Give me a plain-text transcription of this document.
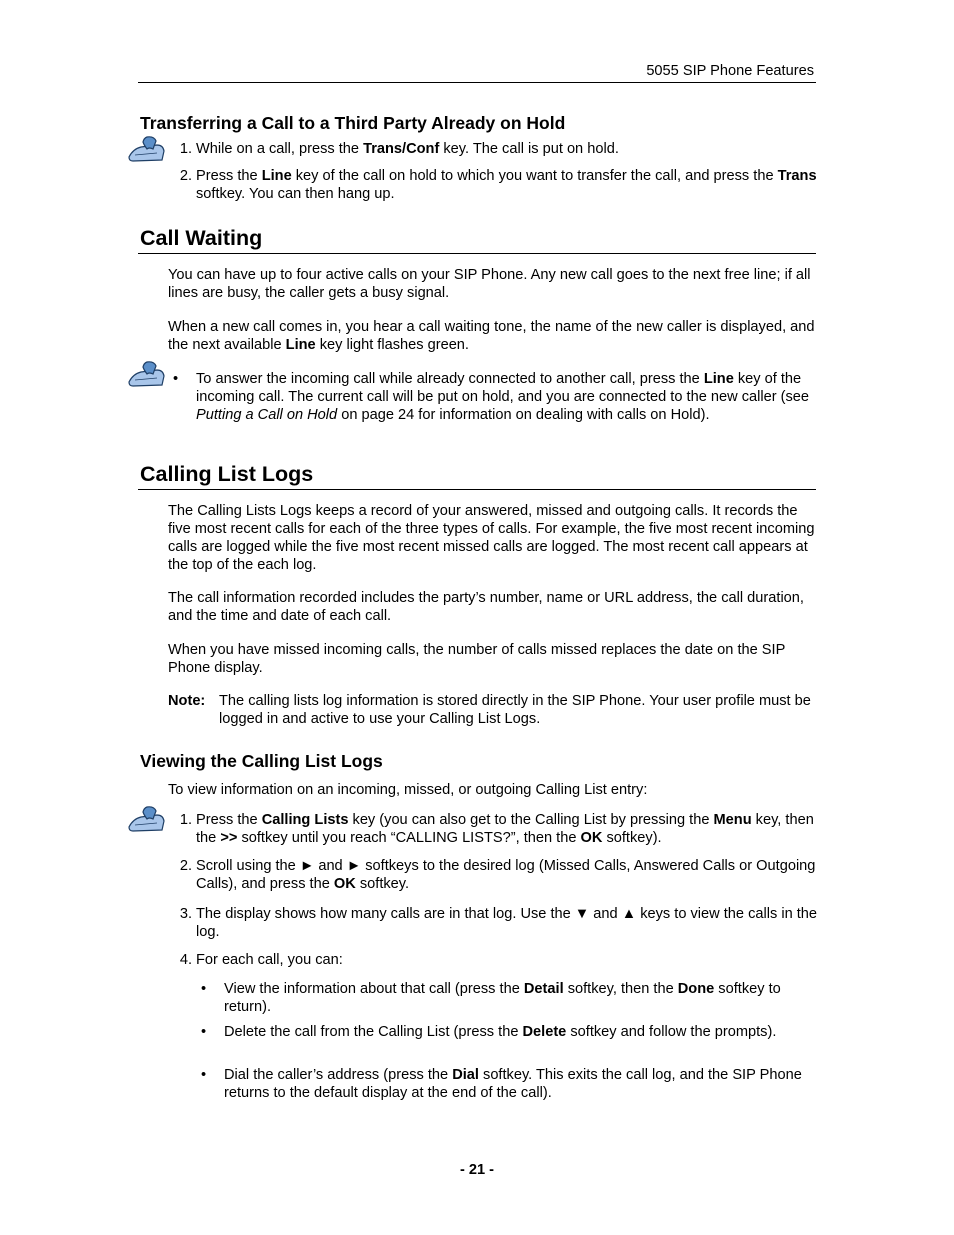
5055 SIP Phone Features
Transferring a Call to a Third Party Already on Hold
1. While on a call, press the Trans/Conf key. The call is put on hold.
2. Press the Line key of the call on hold to which you want to transfer the call, and press the Trans softkey. You can then hang up.
Call Waiting
You can have up to four active calls on your SIP Phone. Any new call goes to the next free line; if all lines are busy, the caller gets a busy signal.
When a new call comes in, you hear a call waiting tone, the name of the new caller is displayed, and the next available Line key light flashes green.
•	To answer the incoming call while already connected to another call, press the Line key of the incoming call. The current call will be put on hold, and you are connected to the new caller (see Putting a Call on Hold on page 24 for information on dealing with calls on Hold).
Calling List Logs
The Calling Lists Logs keeps a record of your answered, missed and outgoing calls. It records the five most recent calls for each of the three types of calls. For example, the five most recent incoming calls are logged while the five most recent missed calls are logged. The most recent call appears at the top of the each log.
The call information recorded includes the party’s number, name or URL address, the call duration, and the time and date of each call.
When you have missed incoming calls, the number of calls missed replaces the date on the SIP Phone display.
Note: The calling lists log information is stored directly in the SIP Phone. Your user profile must be logged in and active to use your Calling List Logs.
Viewing the Calling List Logs
To view information on an incoming, missed, or outgoing Calling List entry:
1. Press the Calling Lists key (you can also get to the Calling List by pressing the Menu key, then the >> softkey until you reach “CALLING LISTS?”, then the OK softkey).
2. Scroll using the ► and ► softkeys to the desired log (Missed Calls, Answered Calls or Outgoing Calls), and press the OK softkey.
3. The display shows how many calls are in that log. Use the ▼ and ▲ keys to view the calls in the log.
4. For each call, you can:
•	View the information about that call (press the Detail softkey, then the Done softkey to return).
•	Delete the call from the Calling List (press the Delete softkey and follow the prompts).
•	Dial the caller’s address (press the Dial softkey. This exits the call log, and the SIP Phone returns to the default display at the end of the call).
- 21 -
